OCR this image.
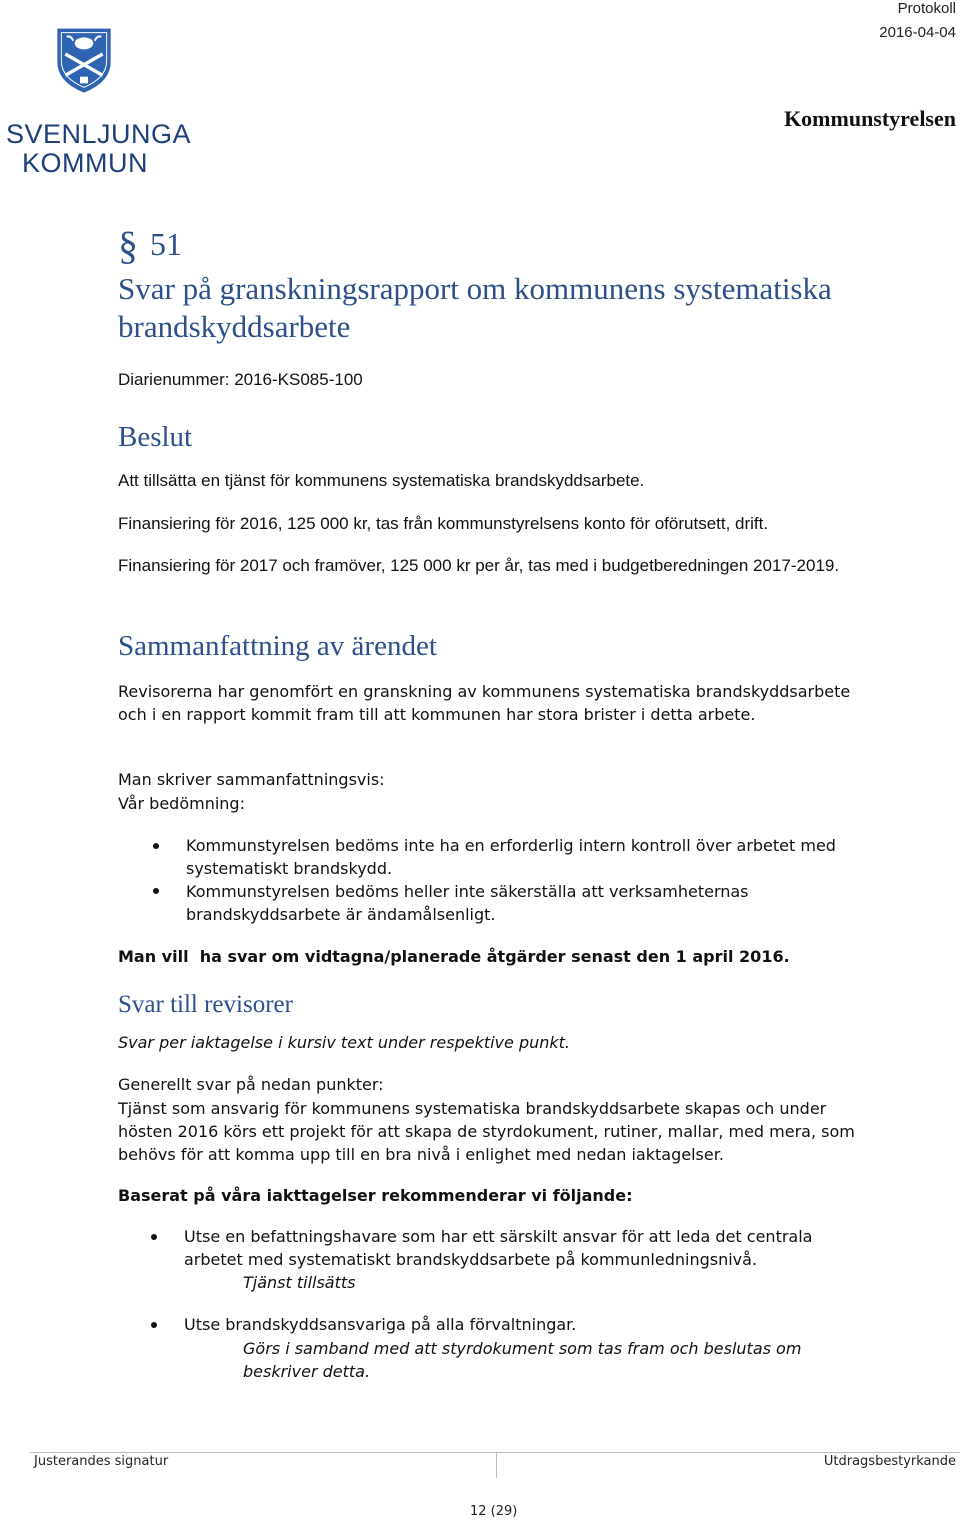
Protokoll
2016-04-04
Kommunstyrelsen
SVENLJUNGA
KOMMUN
§ 51
Svar på granskningsrapport om kommunens systematiska brandskyddsarbete
Diarienummer: 2016-KS085-100
Beslut
Att tillsätta en tjänst för kommunens systematiska brandskyddsarbete.
Finansiering för 2016, 125 000 kr, tas från kommunstyrelsens konto för oförutsett, drift.
Finansiering för 2017 och framöver, 125 000 kr per år, tas med i budgetberedningen 2017-2019.
Sammanfattning av ärendet
Revisorerna har genomfört en granskning av kommunens systematiska brandskyddsarbete och i en rapport kommit fram till att kommunen har stora brister i detta arbete.
Man skriver sammanfattningsvis:
Vår bedömning:
Kommunstyrelsen bedöms inte ha en erforderlig intern kontroll över arbetet med systematiskt brandskydd.
Kommunstyrelsen bedöms heller inte säkerställa att verksamheternas brandskyddsarbete är ändamålsenligt.
Man vill  ha svar om vidtagna/planerade åtgärder senast den 1 april 2016.
Svar till revisorer
Svar per iaktagelse i kursiv text under respektive punkt.
Generellt svar på nedan punkter:
Tjänst som ansvarig för kommunens systematiska brandskyddsarbete skapas och under hösten 2016 körs ett projekt för att skapa de styrdokument, rutiner, mallar, med mera, som behövs för att komma upp till en bra nivå i enlighet med nedan iaktagelser.
Baserat på våra iakttagelser rekommenderar vi följande:
Utse en befattningshavare som har ett särskilt ansvar för att leda det centrala arbetet med systematiskt brandskyddsarbete på kommunledningsnivå.
Tjänst tillsätts
Utse brandskyddsansvariga på alla förvaltningar.
Görs i samband med att styrdokument som tas fram och beslutas om beskriver detta.
Justerandes signatur	Utdragsbestyrkande
12 (29)
